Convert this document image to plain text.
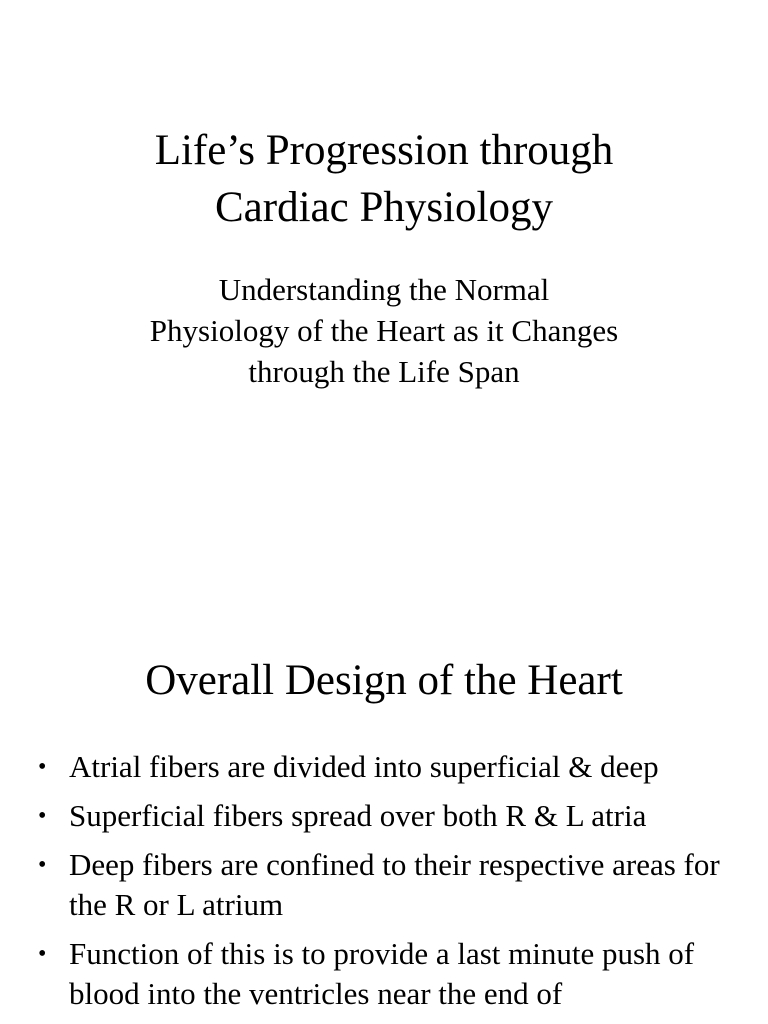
Life’s Progression through
Cardiac Physiology
Understanding the Normal
Physiology of the Heart as it Changes
through the Life Span
Overall Design of the Heart
• Atrial fibers are divided into superficial & deep
• Superficial fibers spread over both R & L atria
• Deep fibers are confined to their respective areas for the R or L atrium
• Function of this is to provide a last minute push of blood into the ventricles near the end of
